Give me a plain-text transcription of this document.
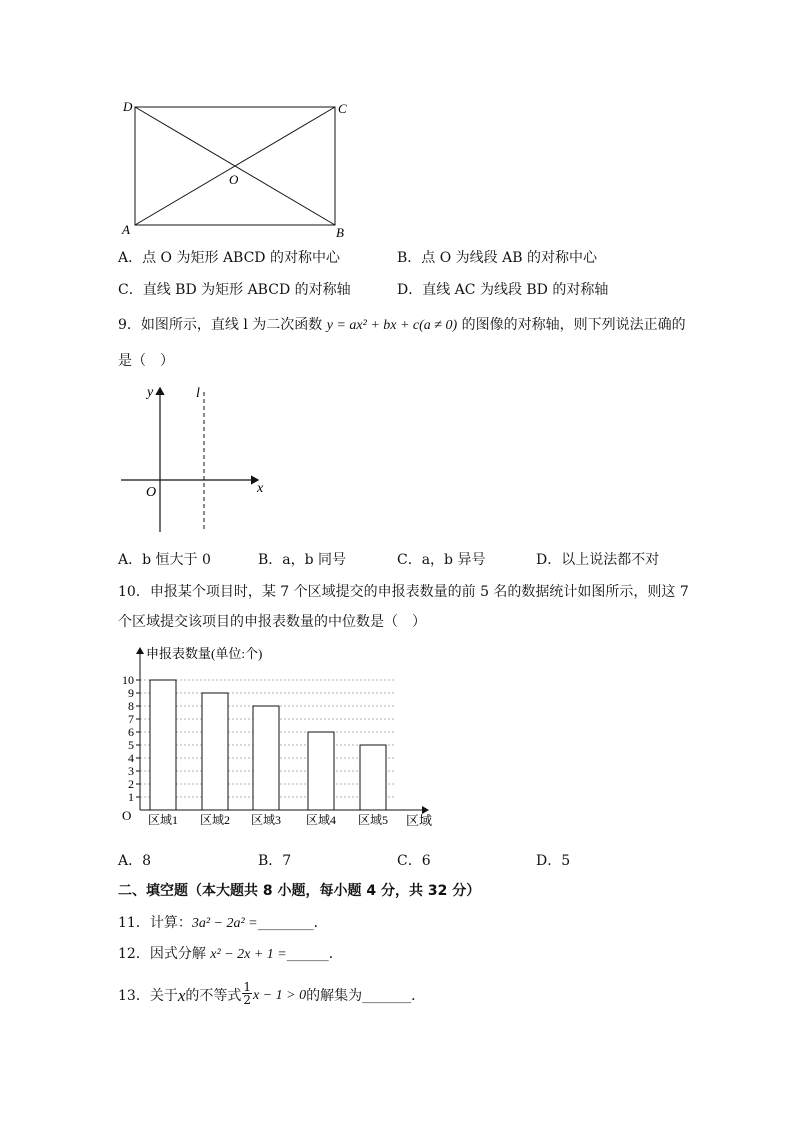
D	C
A	B
O
A．点 O 为矩形 ABCD 的对称中心	B．点 O 为线段 AB 的对称中心
C．直线 BD 为矩形 ABCD 的对称轴	D．直线 AC 为线段 BD 的对称轴
9．如图所示，直线 l 为二次函数 y = ax² + bx + c(a ≠ 0) 的图像的对称轴，则下列说法正确的
是（　）
y	l
x
O
A．b 恒大于 0	B．a，b 同号	C．a，b 异号	D．以上说法都不对
10．申报某个项目时，某 7 个区域提交的申报表数量的前 5 名的数据统计如图所示，则这 7
个区域提交该项目的申报表数量的中位数是（　）
1
2
3
4
5
6
7
8
9
10
区域1 区域2 区域3 区域4 区域5
申报表数量(单位:个)
区域
O
A．8	B．7	C．6	D．5
二、填空题（本大题共 8 小题，每小题 4 分，共 32 分）
11．计算：3a² − 2a² =________．
12．因式分解 x² − 2x + 1 =______．
13．关于 x 的不等式 $\frac{1}{2}$ x − 1 > 0 的解集为_______．
